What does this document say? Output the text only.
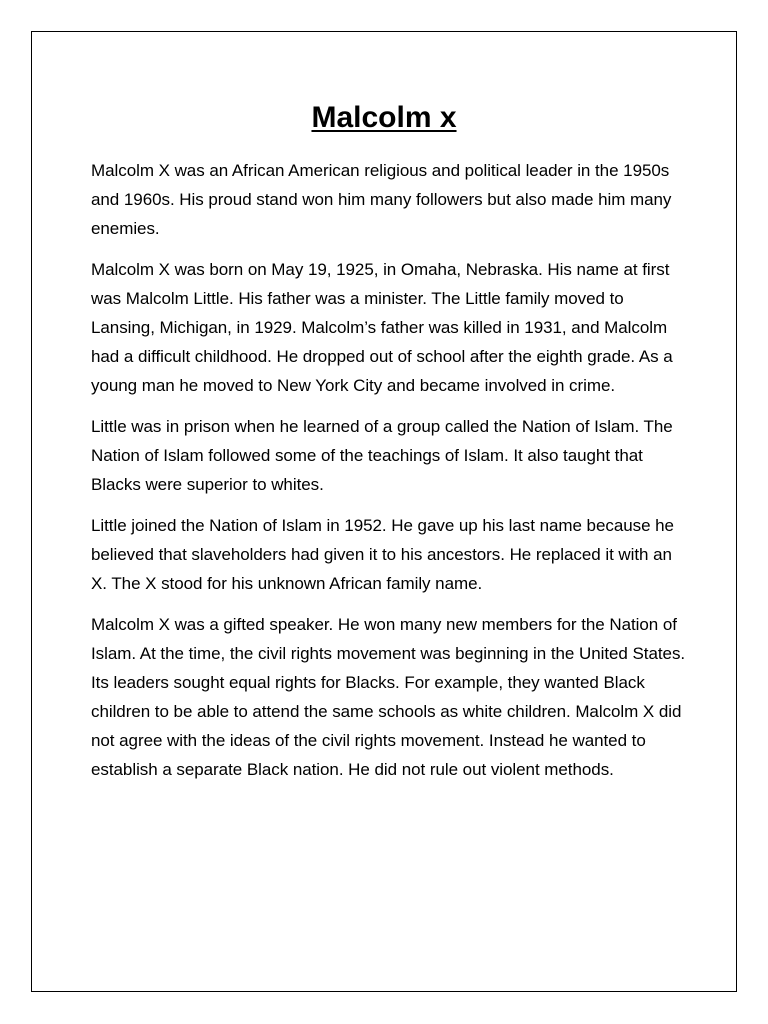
Malcolm x

Malcolm X was an African American religious and political leader in the 1950s and 1960s. His proud stand won him many followers but also made him many enemies.

Malcolm X was born on May 19, 1925, in Omaha, Nebraska. His name at first was Malcolm Little. His father was a minister. The Little family moved to Lansing, Michigan, in 1929. Malcolm’s father was killed in 1931, and Malcolm had a difficult childhood. He dropped out of school after the eighth grade. As a young man he moved to New York City and became involved in crime.

Little was in prison when he learned of a group called the Nation of Islam. The Nation of Islam followed some of the teachings of Islam. It also taught that Blacks were superior to whites.

Little joined the Nation of Islam in 1952. He gave up his last name because he believed that slaveholders had given it to his ancestors. He replaced it with an X. The X stood for his unknown African family name.

Malcolm X was a gifted speaker. He won many new members for the Nation of Islam. At the time, the civil rights movement was beginning in the United States. Its leaders sought equal rights for Blacks. For example, they wanted Black children to be able to attend the same schools as white children. Malcolm X did not agree with the ideas of the civil rights movement. Instead he wanted to establish a separate Black nation. He did not rule out violent methods.
